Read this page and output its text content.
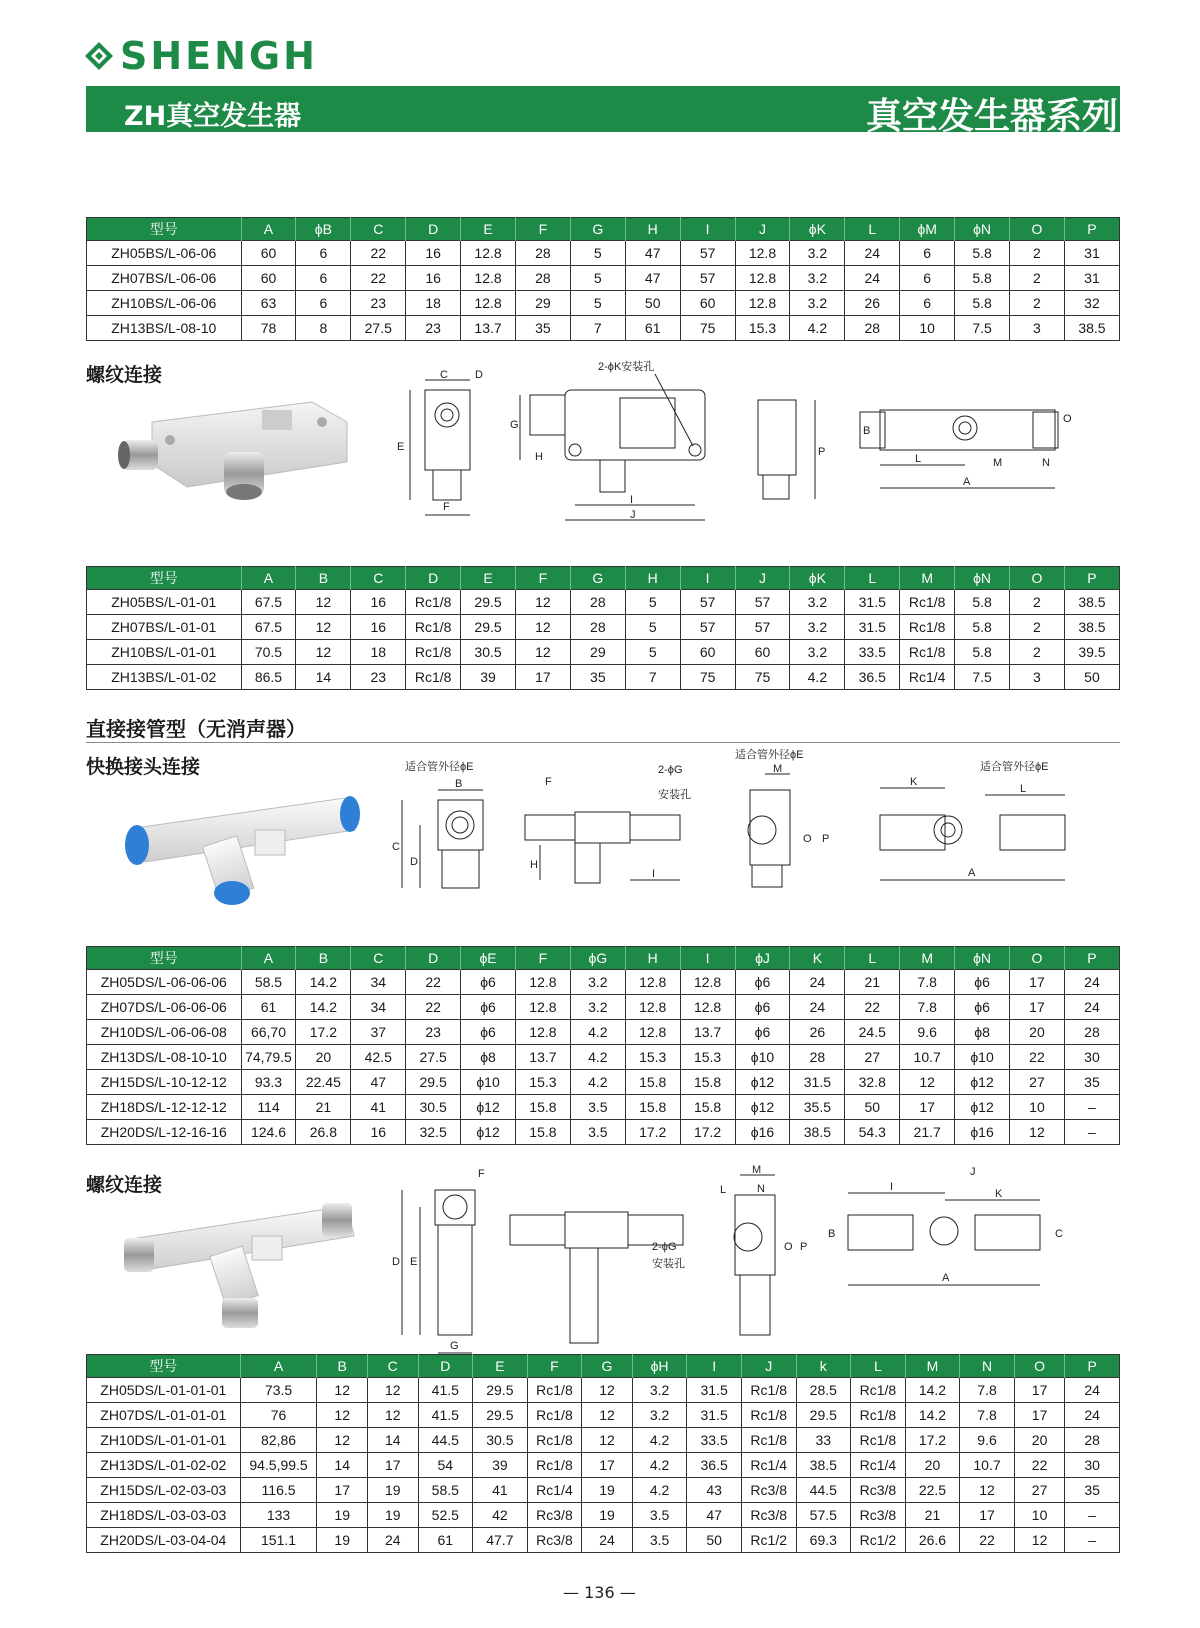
SHENGH
ZH真空发生器	真空发生器系列
型号	A	ϕB	C	D	E	F	G	H	I	J	ϕK	L	ϕM	ϕN	O	P
ZH05BS/L-06-06	60	6	22	16	12.8	28	5	47	57	12.8	3.2	24	6	5.8	2	31
ZH07BS/L-06-06	60	6	22	16	12.8	28	5	47	57	12.8	3.2	24	6	5.8	2	31
ZH10BS/L-06-06	63	6	23	18	12.8	29	5	50	60	12.8	3.2	26	6	5.8	2	32
ZH13BS/L-08-10	78	8	27.5	23	13.7	35	7	61	75	15.3	4.2	28	10	7.5	3	38.5
螺纹连接	C D
E
F
G
H
I
J
2-ϕK安装孔
P
L	M
B
O
N
A
型号	A	B	C	D	E	F	G	H	I	J	ϕK	L	M	ϕN	O	P
ZH05BS/L-01-01	67.5	12	16	Rc1/8	29.5	12	28	5	57	57	3.2	31.5	Rc1/8	5.8	2	38.5
ZH07BS/L-01-01	67.5	12	16	Rc1/8	29.5	12	28	5	57	57	3.2	31.5	Rc1/8	5.8	2	38.5
ZH10BS/L-01-01	70.5	12	18	Rc1/8	30.5	12	29	5	60	60	3.2	33.5	Rc1/8	5.8	2	39.5
ZH13BS/L-01-02	86.5	14	23	Rc1/8	39	17	35	7	75	75	4.2	36.5	Rc1/4	7.5	3	50
直接接管型（无消声器）
快换接头连接	适合管外径ϕE
B
C
D
F
2-ϕG
安装孔
H
I
适合管外径ϕE
M
O P
适合管外径ϕE
K
L
A
型号	A	B	C	D	ϕE	F	ϕG	H	I	ϕJ	K	L	M	ϕN	O	P
ZH05DS/L-06-06-06	58.5	14.2	34	22	ϕ6	12.8	3.2	12.8	12.8	ϕ6	24	21	7.8	ϕ6	17	24
ZH07DS/L-06-06-06	61	14.2	34	22	ϕ6	12.8	3.2	12.8	12.8	ϕ6	24	22	7.8	ϕ6	17	24
ZH10DS/L-06-06-08	66,70	17.2	37	23	ϕ6	12.8	4.2	12.8	13.7	ϕ6	26	24.5	9.6	ϕ8	20	28
ZH13DS/L-08-10-10	74,79.5	20	42.5	27.5	ϕ8	13.7	4.2	15.3	15.3	ϕ10	28	27	10.7	ϕ10	22	30
ZH15DS/L-10-12-12	93.3	22.45	47	29.5	ϕ10	15.3	4.2	15.8	15.8	ϕ12	31.5	32.8	12	ϕ12	27	35
ZH18DS/L-12-12-12	114	21	41	30.5	ϕ12	15.8	3.5	15.8	15.8	ϕ12	35.5	50	17	ϕ12	10	–
ZH20DS/L-12-16-16	124.6	26.8	16	32.5	ϕ12	15.8	3.5	17.2	17.2	ϕ16	38.5	54.3	21.7	ϕ16	12	–
螺纹连接	F
D E
G
2-ϕG
安装孔
M
N
L
O P
J
I
K
B	C
A
型号	A	B	C	D	E	F	G	ϕH	I	J	k	L	M	N	O	P
ZH05DS/L-01-01-01	73.5	12	12	41.5	29.5	Rc1/8	12	3.2	31.5	Rc1/8	28.5	Rc1/8	14.2	7.8	17	24
ZH07DS/L-01-01-01	76	12	12	41.5	29.5	Rc1/8	12	3.2	31.5	Rc1/8	29.5	Rc1/8	14.2	7.8	17	24
ZH10DS/L-01-01-01	82,86	12	14	44.5	30.5	Rc1/8	12	4.2	33.5	Rc1/8	33	Rc1/8	17.2	9.6	20	28
ZH13DS/L-01-02-02	94.5,99.5	14	17	54	39	Rc1/8	17	4.2	36.5	Rc1/4	38.5	Rc1/4	20	10.7	22	30
ZH15DS/L-02-03-03	116.5	17	19	58.5	41	Rc1/4	19	4.2	43	Rc3/8	44.5	Rc3/8	22.5	12	27	35
ZH18DS/L-03-03-03	133	19	19	52.5	42	Rc3/8	19	3.5	47	Rc3/8	57.5	Rc3/8	21	17	10	–
ZH20DS/L-03-04-04	151.1	19	24	61	47.7	Rc3/8	24	3.5	50	Rc1/2	69.3	Rc1/2	26.6	22	12	–
— 136 —
